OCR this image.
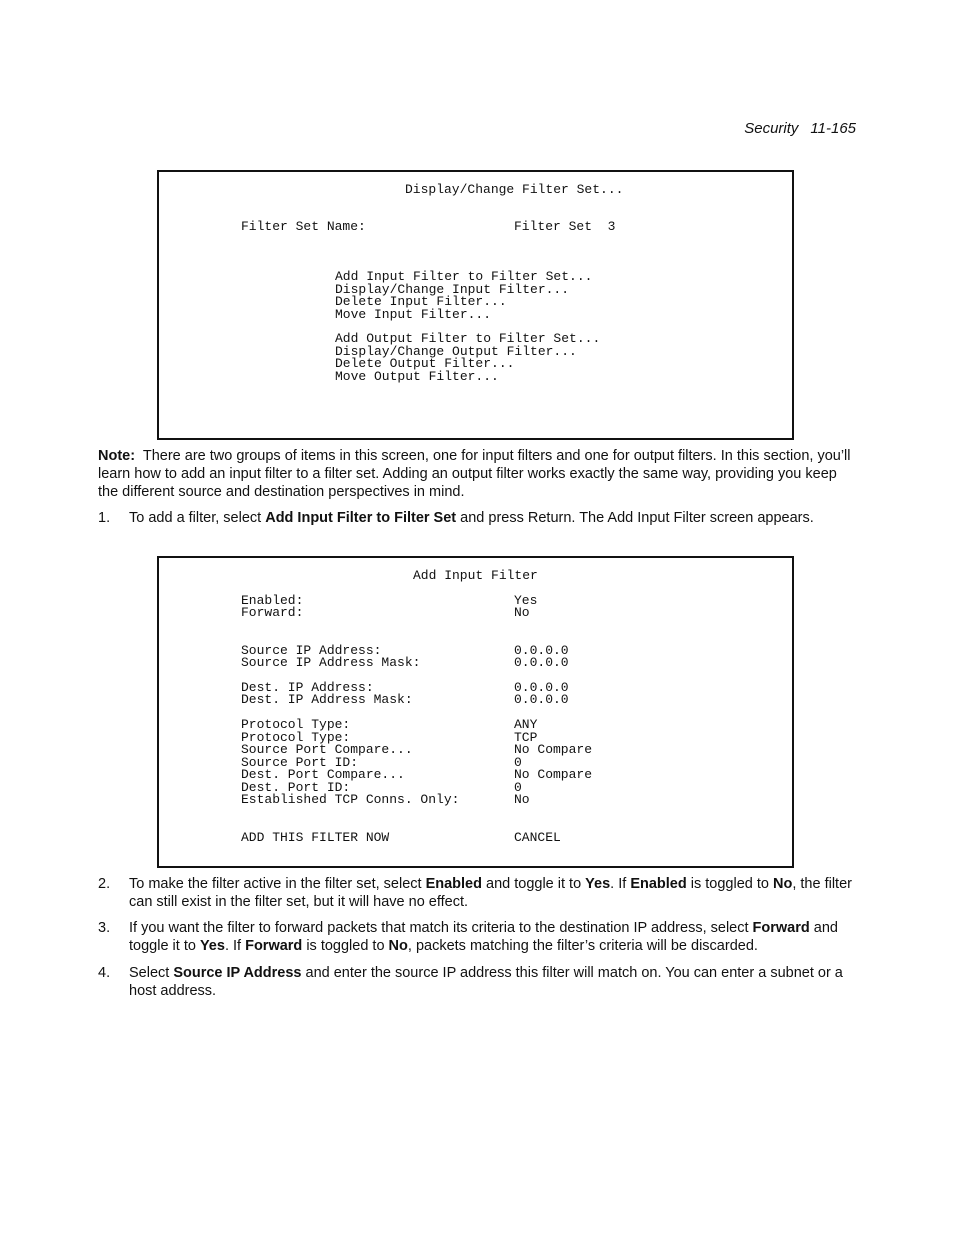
Security 11-165
Display/Change Filter Set...
Filter Set Name:	Filter Set  3
Add Input Filter to Filter Set...
Display/Change Input Filter...
Delete Input Filter...
Move Input Filter...
Add Output Filter to Filter Set...
Display/Change Output Filter...
Delete Output Filter...
Move Output Filter...
Note: There are two groups of items in this screen, one for input filters and one for output filters. In this section, you’ll learn how to add an input filter to a filter set. Adding an output filter works exactly the same way, providing you keep the different source and destination perspectives in mind.
1. To add a filter, select Add Input Filter to Filter Set and press Return. The Add Input Filter screen appears.
Add Input Filter
Enabled:	Yes
Forward:	No
Source IP Address:	0.0.0.0
Source IP Address Mask:	0.0.0.0
Dest. IP Address:	0.0.0.0
Dest. IP Address Mask:	0.0.0.0
Protocol Type:	ANY
Protocol Type:	TCP
Source Port Compare...	No Compare
Source Port ID:	0
Dest. Port Compare...	No Compare
Dest. Port ID:	0
Established TCP Conns. Only:	No
ADD THIS FILTER NOW	CANCEL
2. To make the filter active in the filter set, select Enabled and toggle it to Yes. If Enabled is toggled to No, the filter can still exist in the filter set, but it will have no effect.
3. If you want the filter to forward packets that match its criteria to the destination IP address, select Forward and toggle it to Yes. If Forward is toggled to No, packets matching the filter’s criteria will be discarded.
4. Select Source IP Address and enter the source IP address this filter will match on. You can enter a subnet or a host address.
